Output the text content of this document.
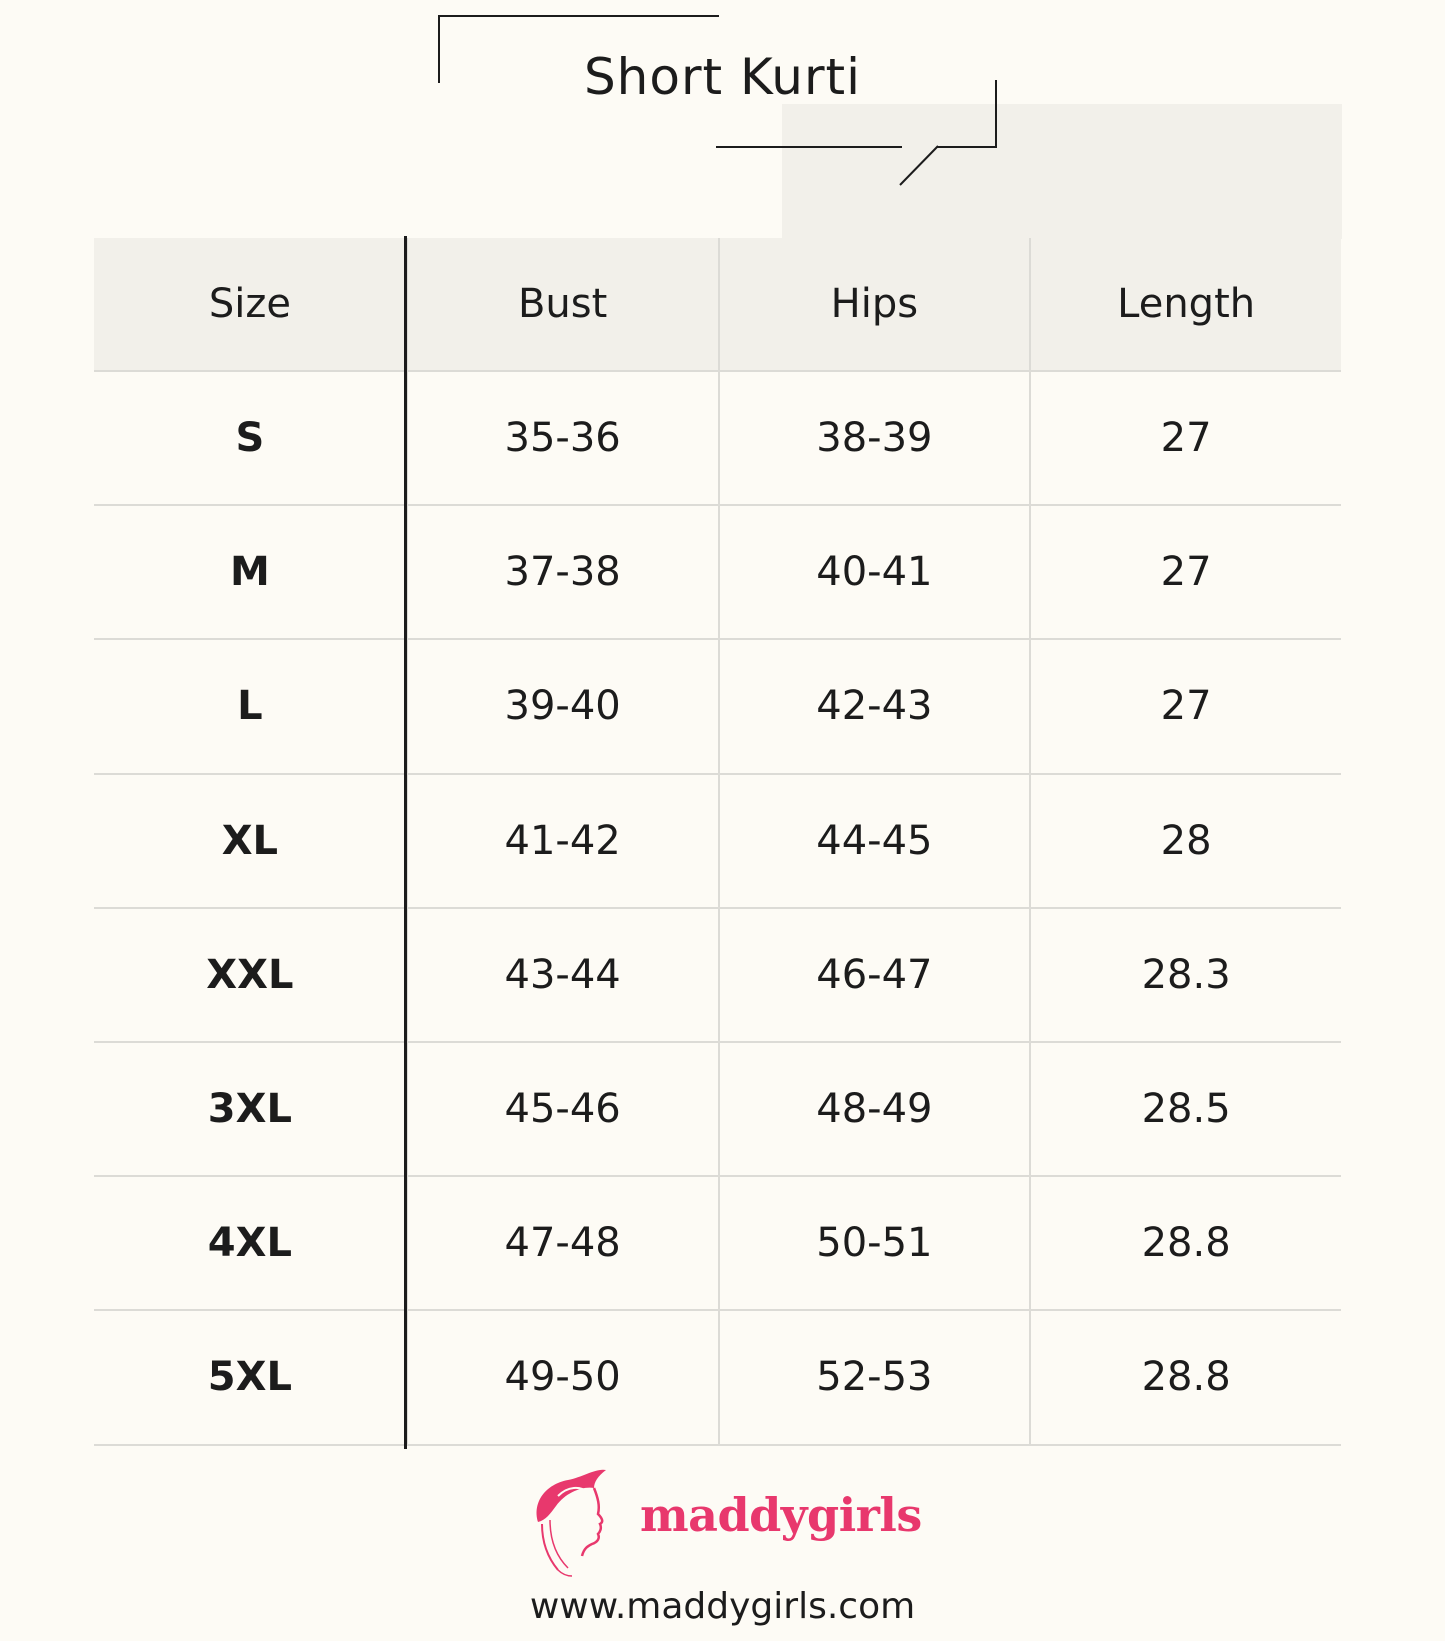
Short Kurti
Size	Bust	Hips	Length
S	35-36	38-39	27
M	37-38	40-41	27
L	39-40	42-43	27
XL	41-42	44-45	28
XXL	43-44	46-47	28.3
3XL	45-46	48-49	28.5
4XL	47-48	50-51	28.8
5XL	49-50	52-53	28.8
maddygirls
www.maddygirls.com
